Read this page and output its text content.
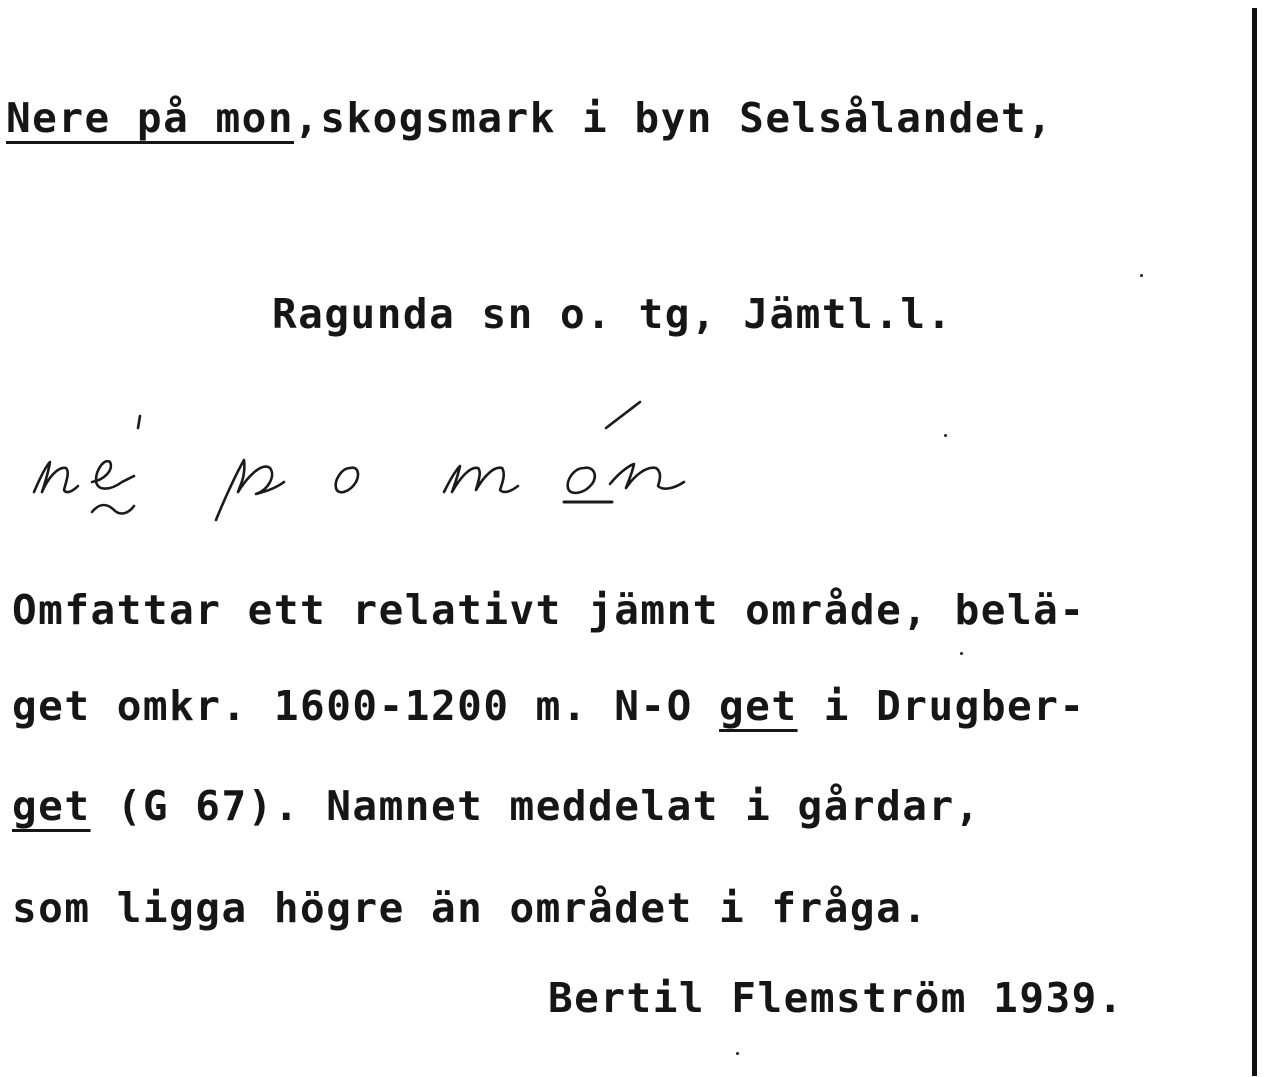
Nere på mon,skogsmark i byn Selsålandet,
Ragunda sn o. tg, Jämtl.l.
Omfattar ett relativt jämnt område, belä-
get omkr. 1600-1200 m. N-O get i Drugber-
get (G 67). Namnet meddelat i gårdar,
som ligga högre än området i fråga.
Bertil Flemström 1939.
